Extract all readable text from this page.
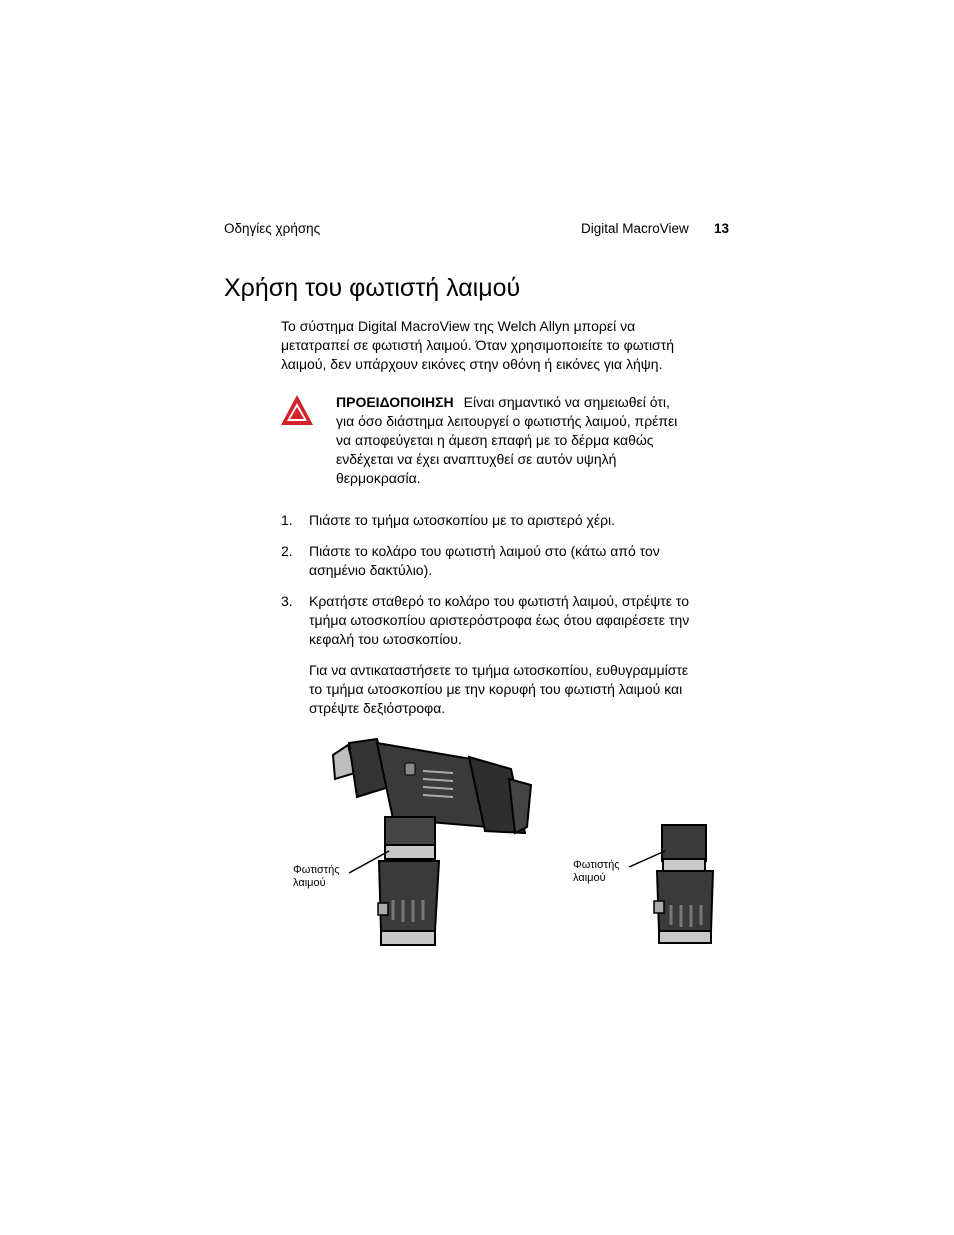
Οδηγίες χρήσης	Digital MacroView 13
Χρήση του φωτιστή λαιμού
Το σύστημα Digital MacroView της Welch Allyn μπορεί να
μετατραπεί σε φωτιστή λαιμού. Όταν χρησιμοποιείτε το φωτιστή
λαιμού, δεν υπάρχουν εικόνες στην οθόνη ή εικόνες για λήψη.
ΠΡΟΕΙΔΟΠΟΙΗΣΗ Είναι σημαντικό να σημειωθεί ότι,
για όσο διάστημα λειτουργεί ο φωτιστής λαιμού, πρέπει
να αποφεύγεται η άμεση επαφή με το δέρμα καθώς
ενδέχεται να έχει αναπτυχθεί σε αυτόν υψηλή
θερμοκρασία.
1. Πιάστε το τμήμα ωτοσκοπίου με το αριστερό χέρι.
2. Πιάστε το κολάρο του φωτιστή λαιμού στο (κάτω από τον
ασημένιο δακτύλιο).
3. Κρατήστε σταθερό το κολάρο του φωτιστή λαιμού, στρέψτε το
τμήμα ωτοσκοπίου αριστερόστροφα έως ότου αφαιρέσετε την
κεφαλή του ωτοσκοπίου.
Για να αντικαταστήσετε το τμήμα ωτοσκοπίου, ευθυγραμμίστε
το τμήμα ωτοσκοπίου με την κορυφή του φωτιστή λαιμού και
στρέψτε δεξιόστροφα.
Φωτιστής
λαιμού
Φωτιστής
λαιμού
